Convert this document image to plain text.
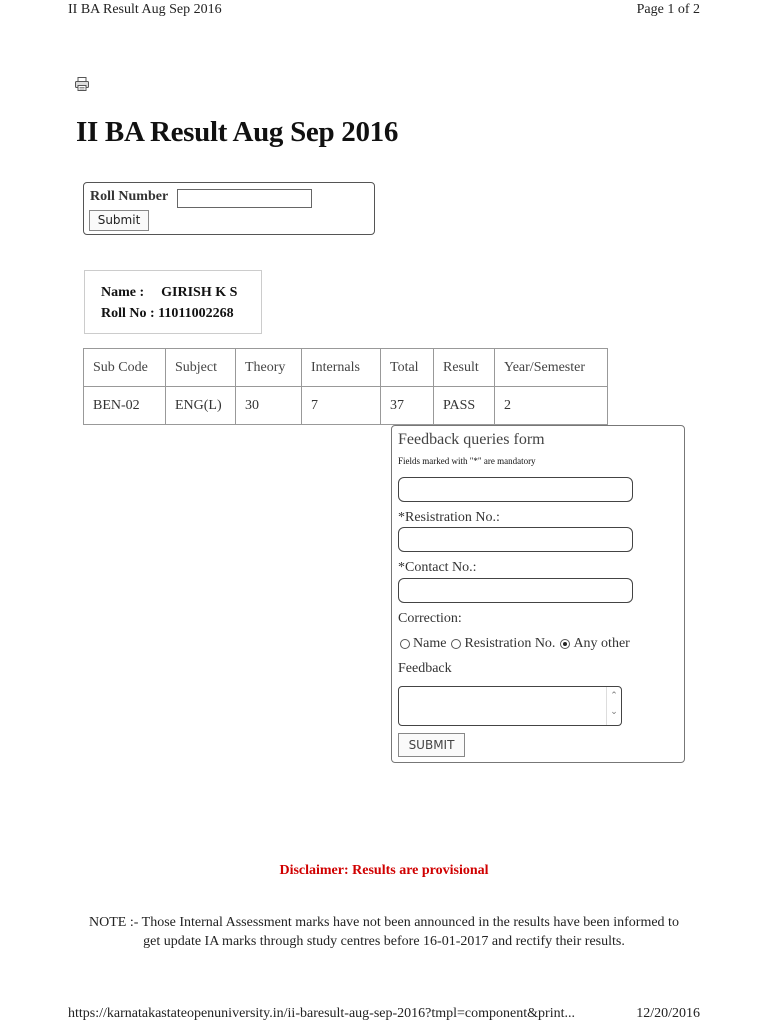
II BA Result Aug Sep 2016	Page 1 of 2
II BA Result Aug Sep 2016
Roll Number
Submit
Name : GIRISH K S
Roll No : 11011002268
Sub Code	Subject	Theory	Internals	Total	Result	Year/Semester
BEN-02	ENG(L)	30	7	37	PASS	2
Feedback queries form
Fields marked with "*" are mandatory
*Resistration No.:
*Contact No.:
Correction:
Name Resistration No. Any other
Feedback
⌃
⌄
SUBMIT
Disclaimer: Results are provisional
NOTE :- Those Internal Assessment marks have not been announced in the results have been informed to get update IA marks through study centres before 16-01-2017 and rectify their results.
https://karnatakastateopenuniversity.in/ii-baresult-aug-sep-2016?tmpl=component&print...	12/20/2016
